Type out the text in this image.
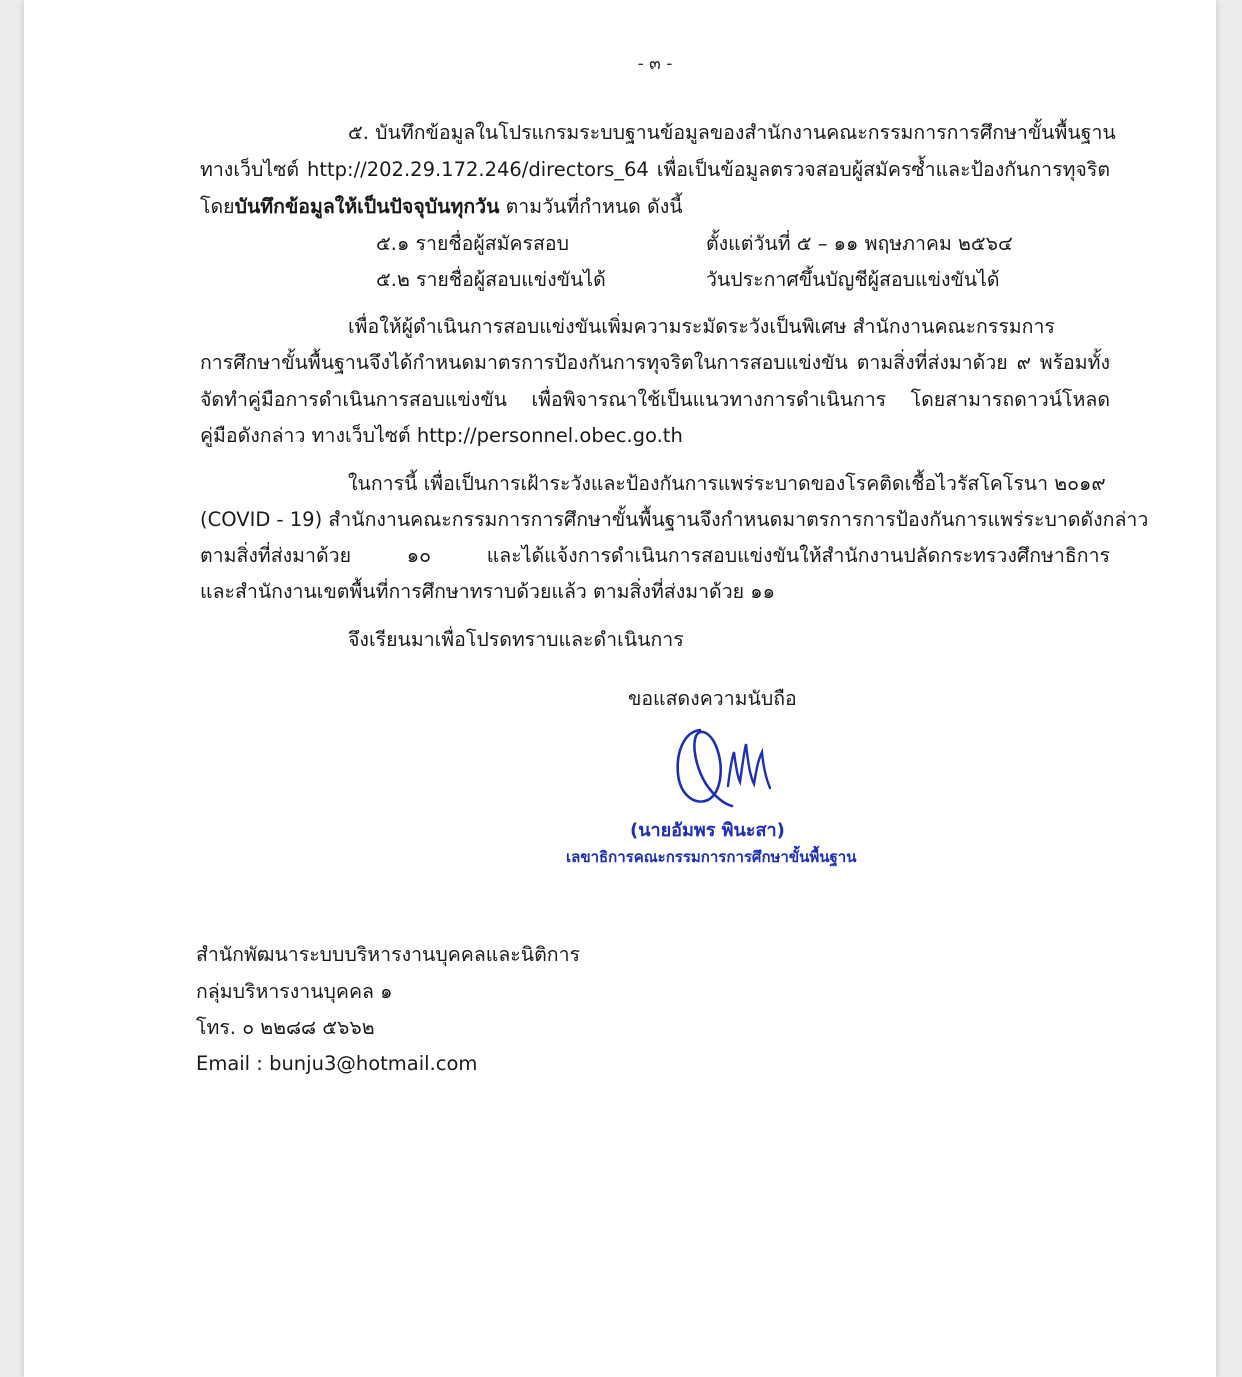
- ๓ -
๕. บันทึกข้อมูลในโปรแกรมระบบฐานข้อมูลของสำนักงานคณะกรรมการการศึกษาขั้นพื้นฐาน
ทางเว็บไซต์ http://202.29.172.246/directors_64 เพื่อเป็นข้อมูลตรวจสอบผู้สมัครซ้ำและป้องกันการทุจริต
โดยบันทึกข้อมูลให้เป็นปัจจุบันทุกวัน ตามวันที่กำหนด ดังนี้
๕.๑ รายชื่อผู้สมัครสอบ	ตั้งแต่วันที่ ๕ – ๑๑ พฤษภาคม ๒๕๖๔
๕.๒ รายชื่อผู้สอบแข่งขันได้	วันประกาศขึ้นบัญชีผู้สอบแข่งขันได้
เพื่อให้ผู้ดำเนินการสอบแข่งขันเพิ่มความระมัดระวังเป็นพิเศษ สำนักงานคณะกรรมการ
การศึกษาขั้นพื้นฐานจึงได้กำหนดมาตรการป้องกันการทุจริตในการสอบแข่งขัน ตามสิ่งที่ส่งมาด้วย ๙ พร้อมทั้ง
จัดทำคู่มือการดำเนินการสอบแข่งขัน เพื่อพิจารณาใช้เป็นแนวทางการดำเนินการ โดยสามารถดาวน์โหลด
คู่มือดังกล่าว ทางเว็บไซต์ http://personnel.obec.go.th
ในการนี้ เพื่อเป็นการเฝ้าระวังและป้องกันการแพร่ระบาดของโรคติดเชื้อไวรัสโคโรนา ๒๐๑๙
(COVID - 19) สำนักงานคณะกรรมการการศึกษาขั้นพื้นฐานจึงกำหนดมาตรการการป้องกันการแพร่ระบาดดังกล่าว
ตามสิ่งที่ส่งมาด้วย ๑๐ และได้แจ้งการดำเนินการสอบแข่งขันให้สำนักงานปลัดกระทรวงศึกษาธิการ
และสำนักงานเขตพื้นที่การศึกษาทราบด้วยแล้ว ตามสิ่งที่ส่งมาด้วย ๑๑
จึงเรียนมาเพื่อโปรดทราบและดำเนินการ
ขอแสดงความนับถือ
(นายอัมพร พินะสา)
เลขาธิการคณะกรรมการการศึกษาขั้นพื้นฐาน
สำนักพัฒนาระบบบริหารงานบุคคลและนิติการ
กลุ่มบริหารงานบุคคล ๑
โทร. ๐ ๒๒๘๘ ๕๖๖๒
Email : bunju3@hotmail.com
